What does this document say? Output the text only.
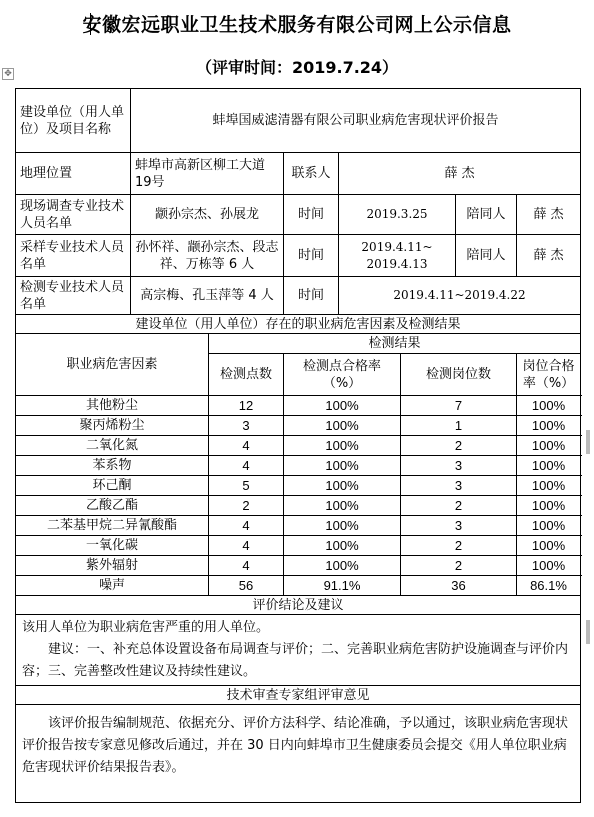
安徽宏远职业卫生技术服务有限公司网上公示信息
（评审时间：2019.7.24）
✥
建设单位（用人单位）及项目名称	蚌埠国威滤清器有限公司职业病危害现状评价报告						
地理位置	蚌埠市高新区柳工大道19号		联系人	薛 杰			
现场调查专业技术人员名单	颛孙宗杰、孙展龙		时间	2019.3.25		陪同人	薛 杰
采样专业技术人员名单	孙怀祥、颛孙宗杰、段志祥、万栋等 6 人		时间	2019.4.11~ 2019.4.13		陪同人	薛 杰
检测专业技术人员名单	高宗梅、孔玉萍等 4 人		时间	2019.4.11~2019.4.22			
建设单位（用人单位）存在的职业病危害因素及检测结果							
职业病危害因素		检测结果					
		检测点数	检测点合格率（%）		检测岗位数		岗位合格率（%）
其他粉尘		12	100%		7		100%
聚丙烯粉尘		3	100%		1		100%
二氧化氮		4	100%		2		100%
苯系物		4	100%		3		100%
环己酮		5	100%		3		100%
乙酸乙酯		2	100%		2		100%
二苯基甲烷二异氰酸酯		4	100%		3		100%
一氧化碳		4	100%		2		100%
紫外辐射		4	100%		2		100%
噪声		56	91.1%		36		86.1%
评价结论及建议							

该用人单位为职业病危害严重的用人单位。

建议：一、补充总体设置设备布局调查与评价；二、完善职业病危害防护设施调查与评价内容；三、完善整改性建议及持续性建议。							

技术审查专家组评审意见							

该评价报告编制规范、依据充分、评价方法科学、结论准确，予以通过，该职业病危害现状评价报告按专家意见修改后通过，并在 30 日内向蚌埠市卫生健康委员会提交《用人单位职业病危害现状评价结果报告表》。							
